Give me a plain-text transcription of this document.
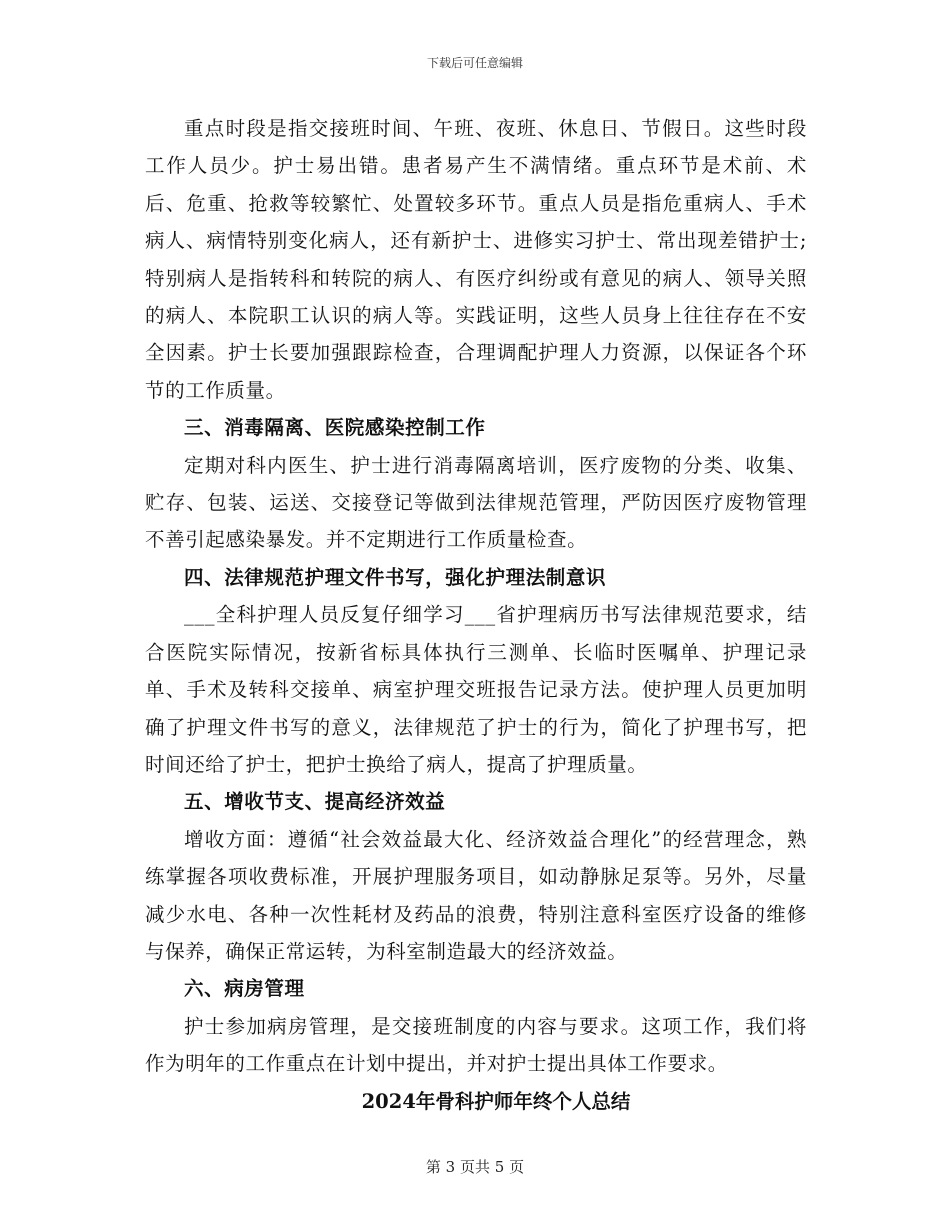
下载后可任意编辑

重点时段是指交接班时间、午班、夜班、休息日、节假日。这些时段工作人员少。护士易出错。患者易产生不满情绪。重点环节是术前、术后、危重、抢救等较繁忙、处置较多环节。重点人员是指危重病人、手术病人、病情特别变化病人，还有新护士、进修实习护士、常出现差错护士;特别病人是指转科和转院的病人、有医疗纠纷或有意见的病人、领导关照的病人、本院职工认识的病人等。实践证明，这些人员身上往往存在不安全因素。护士长要加强跟踪检查，合理调配护理人力资源，以保证各个环节的工作质量。

三、消毒隔离、医院感染控制工作

定期对科内医生、护士进行消毒隔离培训，医疗废物的分类、收集、贮存、包装、运送、交接登记等做到法律规范管理，严防因医疗废物管理不善引起感染暴发。并不定期进行工作质量检查。

四、法律规范护理文件书写，强化护理法制意识

___全科护理人员反复仔细学习___省护理病历书写法律规范要求，结合医院实际情况，按新省标具体执行三测单、长临时医嘱单、护理记录单、手术及转科交接单、病室护理交班报告记录方法。使护理人员更加明确了护理文件书写的意义，法律规范了护士的行为，简化了护理书写，把时间还给了护士，把护士换给了病人，提高了护理质量。

五、增收节支、提高经济效益

增收方面：遵循“社会效益最大化、经济效益合理化”的经营理念，熟练掌握各项收费标准，开展护理服务项目，如动静脉足泵等。另外，尽量减少水电、各种一次性耗材及药品的浪费，特别注意科室医疗设备的维修与保养，确保正常运转，为科室制造最大的经济效益。

六、病房管理

护士参加病房管理，是交接班制度的内容与要求。这项工作，我们将作为明年的工作重点在计划中提出，并对护士提出具体工作要求。

2024年骨科护师年终个人总结

第 3 页共 5 页
